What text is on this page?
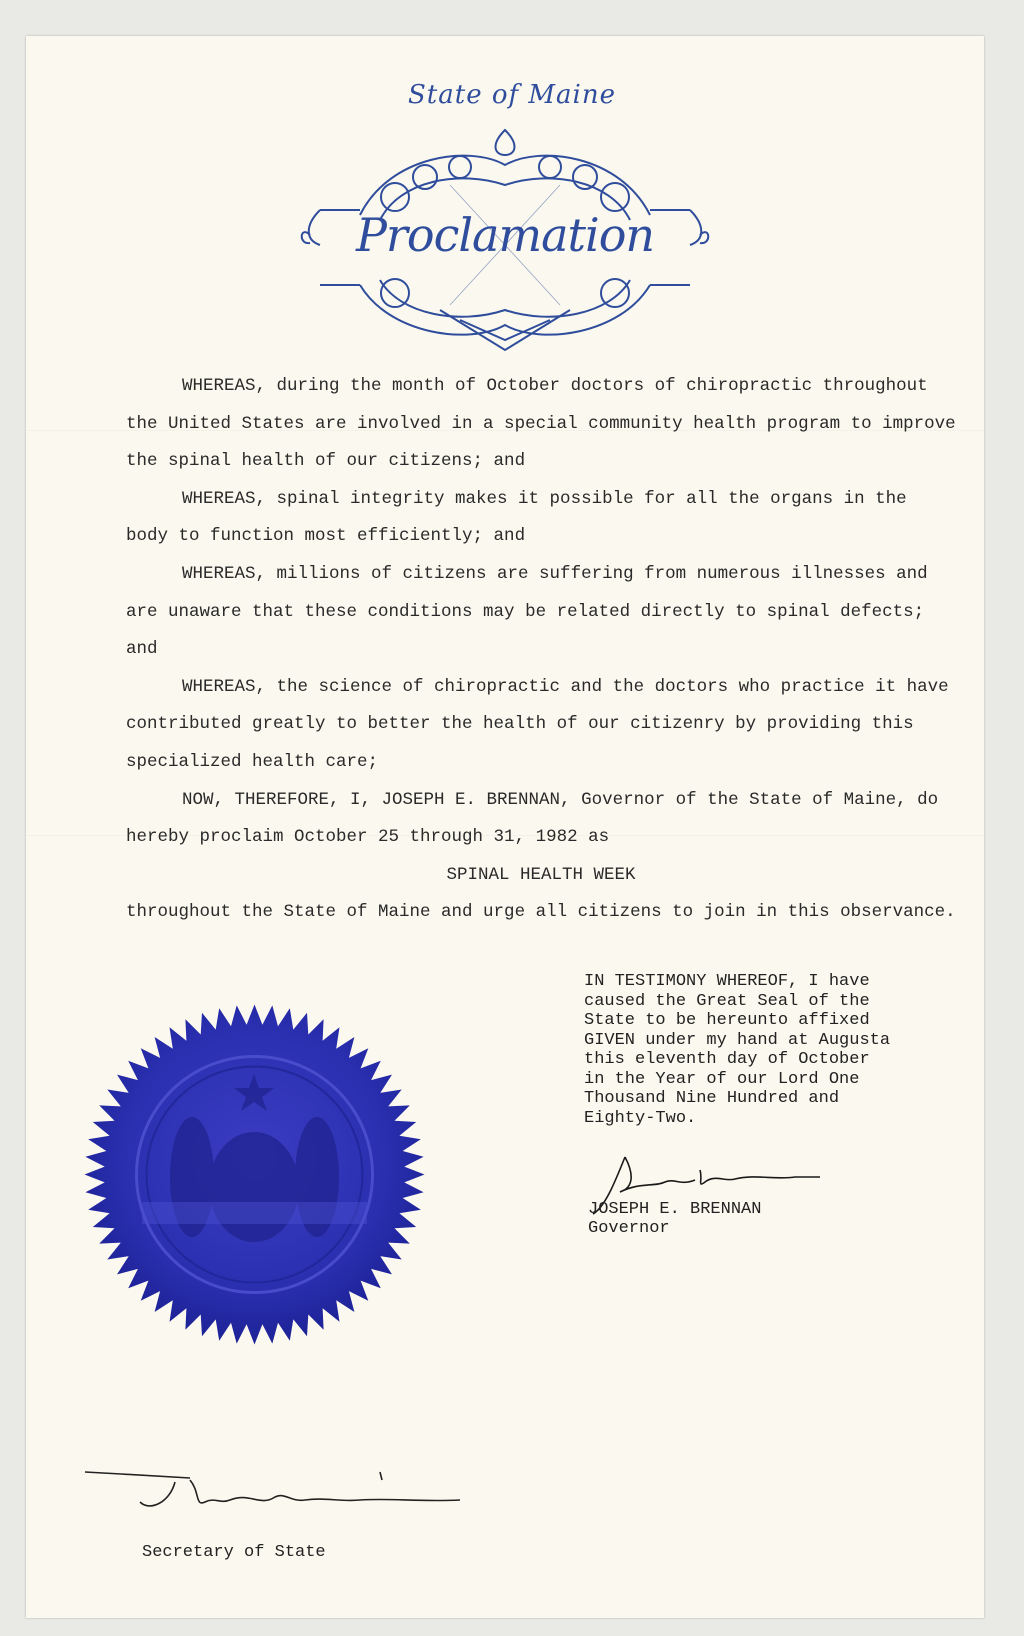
State of Maine
Proclamation

WHEREAS, during the month of October doctors of chiropractic throughout the United States are involved in a special community health program to improve the spinal health of our citizens; and

WHEREAS, spinal integrity makes it possible for all the organs in the body to function most efficiently; and

WHEREAS, millions of citizens are suffering from numerous illnesses and are unaware that these conditions may be related directly to spinal defects; and

WHEREAS, the science of chiropractic and the doctors who practice it have contributed greatly to better the health of our citizenry by providing this specialized health care;

NOW, THEREFORE, I, JOSEPH E. BRENNAN, Governor of the State of Maine, do hereby proclaim October 25 through 31, 1982 as

SPINAL HEALTH WEEK

throughout the State of Maine and urge all citizens to join in this observance.

IN TESTIMONY WHEREOF, I have
caused the Great Seal of the
State to be hereunto affixed
GIVEN under my hand at Augusta
this eleventh day of October
in the Year of our Lord One
Thousand Nine Hundred and
Eighty-Two.
JOSEPH E. BRENNAN
Governor
Secretary of State
